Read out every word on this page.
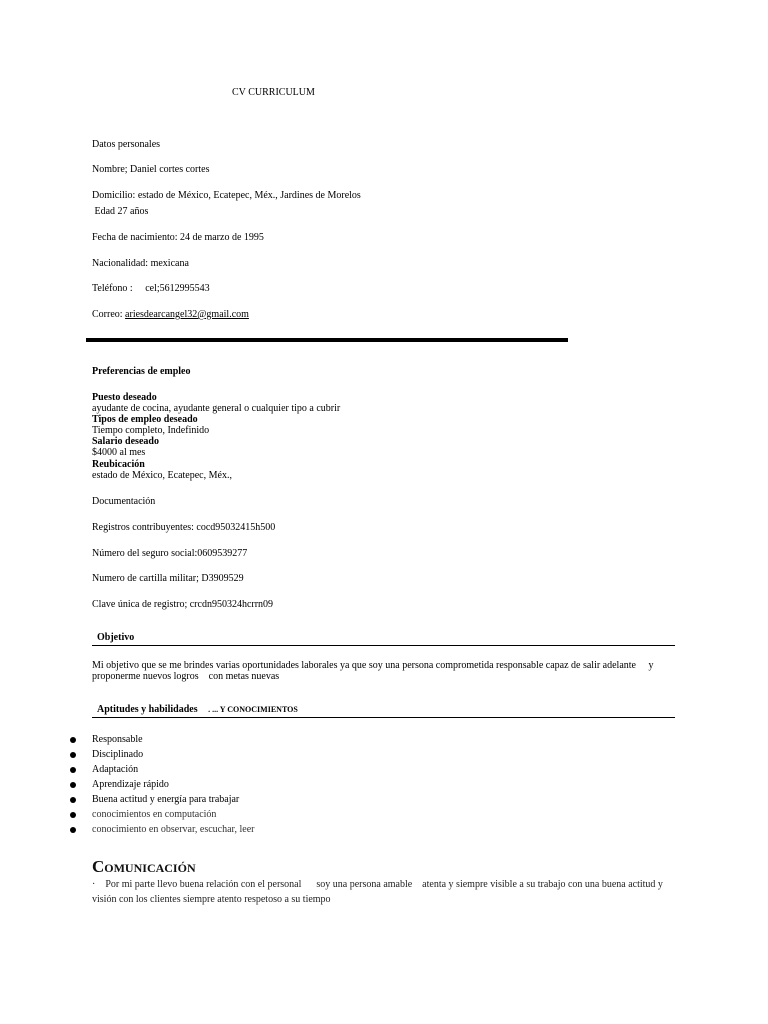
CV CURRICULUM
Datos personales
Nombre; Daniel cortes cortes
Domicilio: estado de México, Ecatepec, Méx., Jardines de Morelos
Edad 27 años
Fecha de nacimiento: 24 de marzo de 1995
Nacionalidad: mexicana
Teléfono : cel;5612995543
Correo: ariesdearcangel32@gmail.com
Preferencias de empleo
Puesto deseado
ayudante de cocina, ayudante general o cualquier tipo a cubrir
Tipos de empleo deseado
Tiempo completo, Indefinido
Salario deseado
$4000 al mes
Reubicación
estado de México, Ecatepec, Méx.,
Documentación
Registros contribuyentes: cocd95032415h500
Número del seguro social:0609539277
Numero de cartilla militar; D3909529
Clave única de registro; crcdn950324hcrrn09
Objetivo
Mi objetivo que se me brindes varias oportunidades laborales ya que soy una persona comprometida responsable capaz de salir adelante     y proponerme nuevos logros    con metas nuevas
Aptitudes y habilidades . ... Y CONOCIMIENTOS
Responsable
Disciplinado
Adaptación
Aprendizaje rápido
Buena actitud y energía para trabajar
conocimientos en computación
conocimiento en observar, escuchar, leer
Comunicación
· Por mi parte llevo buena relación con el personal      soy una persona amable    atenta y siempre visible a su trabajo con una buena actitud y visión con los clientes siempre atento respetoso a su tiempo
